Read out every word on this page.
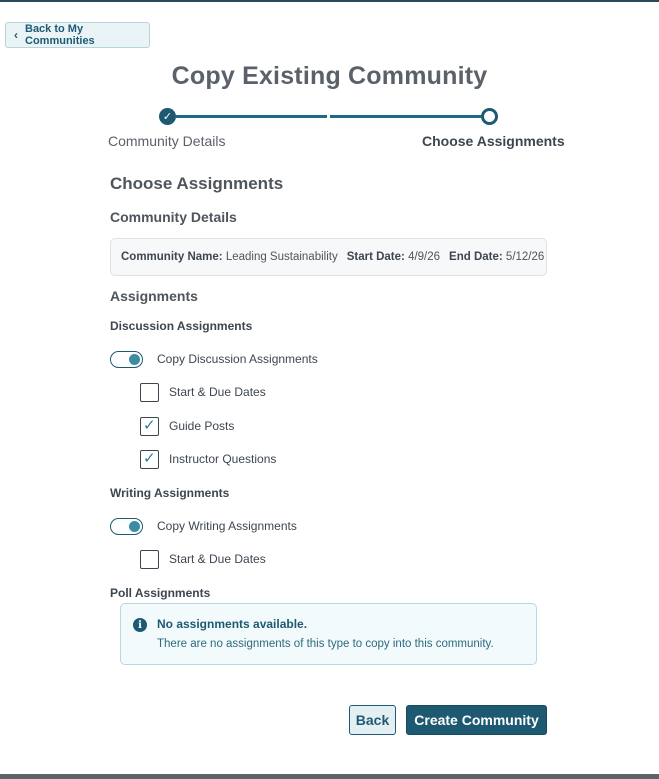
‹ Back to My Communities
Copy Existing Community
✓
Community Details	Choose Assignments
Choose Assignments
Community Details
Community Name:
Leading Sustainability Start Date:
4/9/26 End Date:
5/12/26
Assignments
Discussion Assignments
Copy Discussion Assignments
Start & Due Dates
✓ Guide Posts
✓ Instructor Questions
Writing Assignments
Copy Writing Assignments
Start & Due Dates
Poll Assignments
i	No assignments available.
There are no assignments of this type to copy into this community.
Back	Create Community
